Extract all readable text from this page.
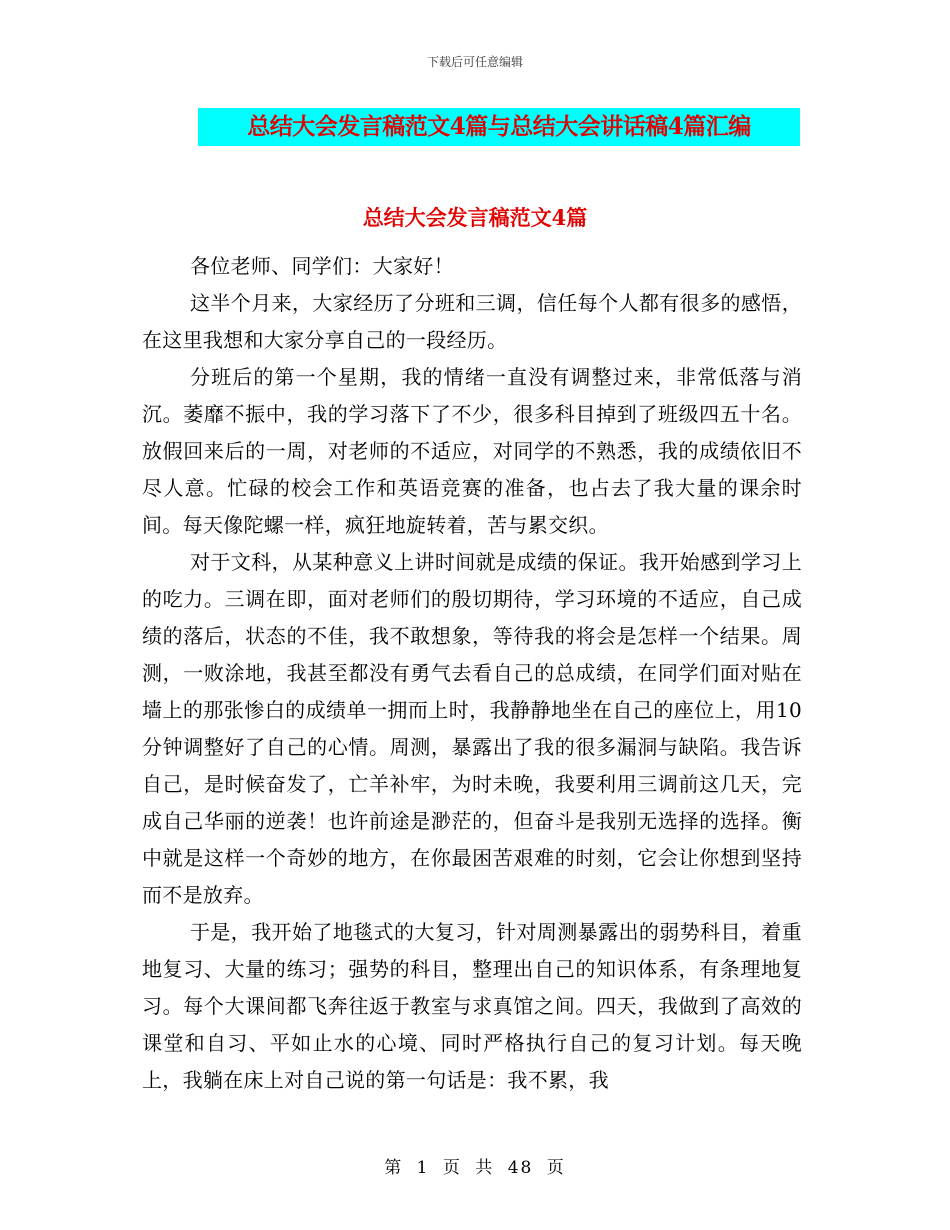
下载后可任意编辑
总结大会发言稿范文4篇与总结大会讲话稿4篇汇编
总结大会发言稿范文4篇

各位老师、同学们：大家好！

这半个月来，大家经历了分班和三调，信任每个人都有很多的感悟，在这里我想和大家分享自己的一段经历。

分班后的第一个星期，我的情绪一直没有调整过来，非常低落与消沉。萎靡不振中，我的学习落下了不少，很多科目掉到了班级四五十名。放假回来后的一周，对老师的不适应，对同学的不熟悉，我的成绩依旧不尽人意。忙碌的校会工作和英语竞赛的准备，也占去了我大量的课余时间。每天像陀螺一样，疯狂地旋转着，苦与累交织。

对于文科，从某种意义上讲时间就是成绩的保证。我开始感到学习上的吃力。三调在即，面对老师们的殷切期待，学习环境的不适应，自己成绩的落后，状态的不佳，我不敢想象，等待我的将会是怎样一个结果。周测，一败涂地，我甚至都没有勇气去看自己的总成绩，在同学们面对贴在墙上的那张惨白的成绩单一拥而上时，我静静地坐在自己的座位上，用10分钟调整好了自己的心情。周测，暴露出了我的很多漏洞与缺陷。我告诉自己，是时候奋发了，亡羊补牢，为时未晚，我要利用三调前这几天，完成自己华丽的逆袭！也许前途是渺茫的，但奋斗是我别无选择的选择。衡中就是这样一个奇妙的地方，在你最困苦艰难的时刻，它会让你想到坚持而不是放弃。

于是，我开始了地毯式的大复习，针对周测暴露出的弱势科目，着重地复习、大量的练习；强势的科目，整理出自己的知识体系，有条理地复习。每个大课间都飞奔往返于教室与求真馆之间。四天，我做到了高效的课堂和自习、平如止水的心境、同时严格执行自己的复习计划。每天晚上，我躺在床上对自己说的第一句话是：我不累，我

第 1 页 共 48 页
